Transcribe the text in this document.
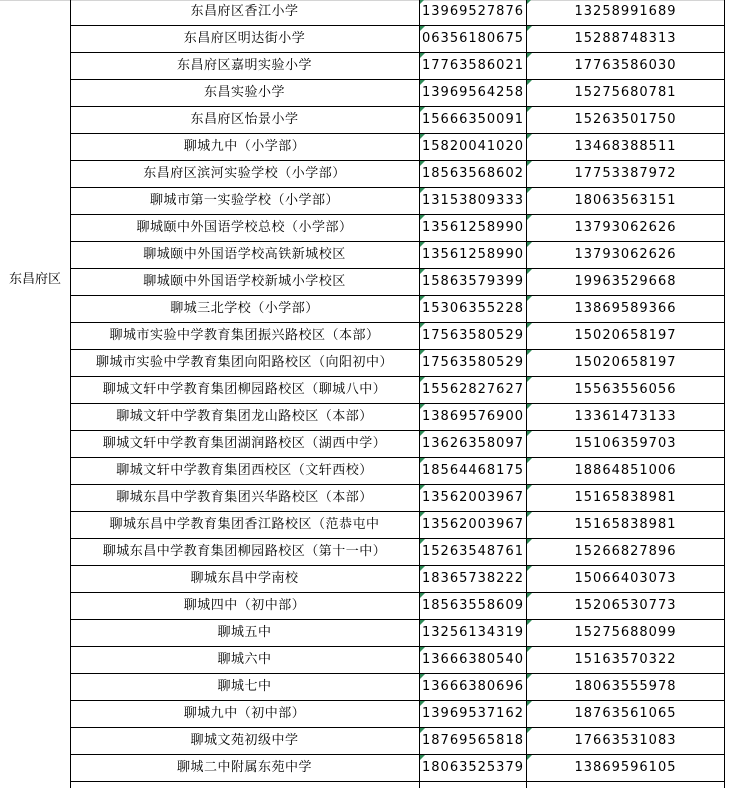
东昌府区
东昌府区香江小学	13969527876	13258991689
东昌府区明达街小学	06356180675	15288748313
东昌府区嘉明实验小学	17763586021	17763586030
东昌实验小学	13969564258	15275680781
东昌府区怡景小学	15666350091	15263501750
聊城九中（小学部）	15820041020	13468388511
东昌府区滨河实验学校（小学部）	18563568602	17753387972
聊城市第一实验学校（小学部）	13153809333	18063563151
聊城颐中外国语学校总校（小学部）	13561258990	13793062626
聊城颐中外国语学校高铁新城校区	13561258990	13793062626
聊城颐中外国语学校新城小学校区	15863579399	19963529668
聊城三北学校（小学部）	15306355228	13869589366
聊城市实验中学教育集团振兴路校区（本部）	17563580529	15020658197
聊城市实验中学教育集团向阳路校区（向阳初中）	17563580529	15020658197
聊城文轩中学教育集团柳园路校区（聊城八中）	15562827627	15563556056
聊城文轩中学教育集团龙山路校区（本部）	13869576900	13361473133
聊城文轩中学教育集团湖润路校区（湖西中学）	13626358097	15106359703
聊城文轩中学教育集团西校区（文轩西校）	18564468175	18864851006
聊城东昌中学教育集团兴华路校区（本部）	13562003967	15165838981
聊城东昌中学教育集团香江路校区（范恭屯中	13562003967	15165838981
聊城东昌中学教育集团柳园路校区（第十一中）	15263548761	15266827896
聊城东昌中学南校	18365738222	15066403073
聊城四中（初中部）	18563558609	15206530773
聊城五中	13256134319	15275688099
聊城六中	13666380540	15163570322
聊城七中	13666380696	18063555978
聊城九中（初中部）	13969537162	18763561065
聊城文苑初级中学	18769565818	17663531083
聊城二中附属东苑中学	18063525379	13869596105
